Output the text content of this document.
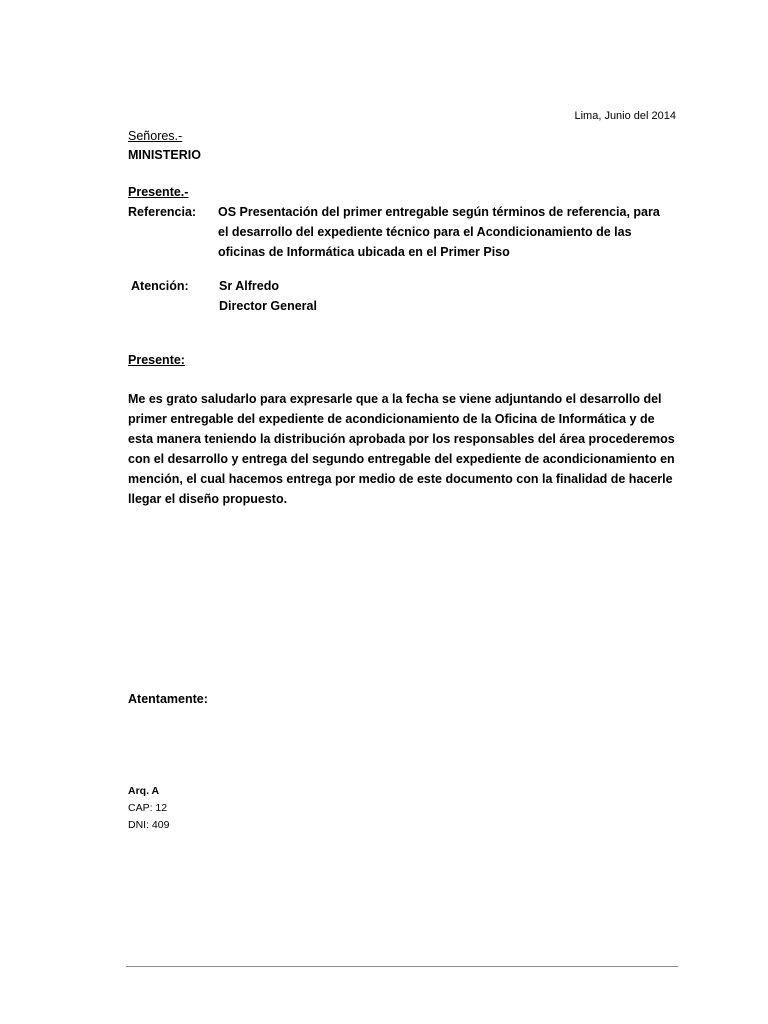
Lima, Junio del 2014
Señores.-
MINISTERIO
Presente.-
Referencia: OS Presentación del primer entregable según términos de referencia, para
el desarrollo del expediente técnico para el Acondicionamiento de las
oficinas de Informática ubicada en el Primer Piso
Atención: Sr Alfredo
Director General
Presente:
Me es grato saludarlo para expresarle que a la fecha se viene adjuntando el desarrollo del
primer entregable del expediente de acondicionamiento de la Oficina de Informática y de
esta manera teniendo la distribución aprobada por los responsables del área procederemos
con el desarrollo y entrega del segundo entregable del expediente de acondicionamiento en
mención, el cual hacemos entrega por medio de este documento con la finalidad de hacerle
llegar el diseño propuesto.
Atentamente:
Arq. A
CAP: 12
DNI: 409
